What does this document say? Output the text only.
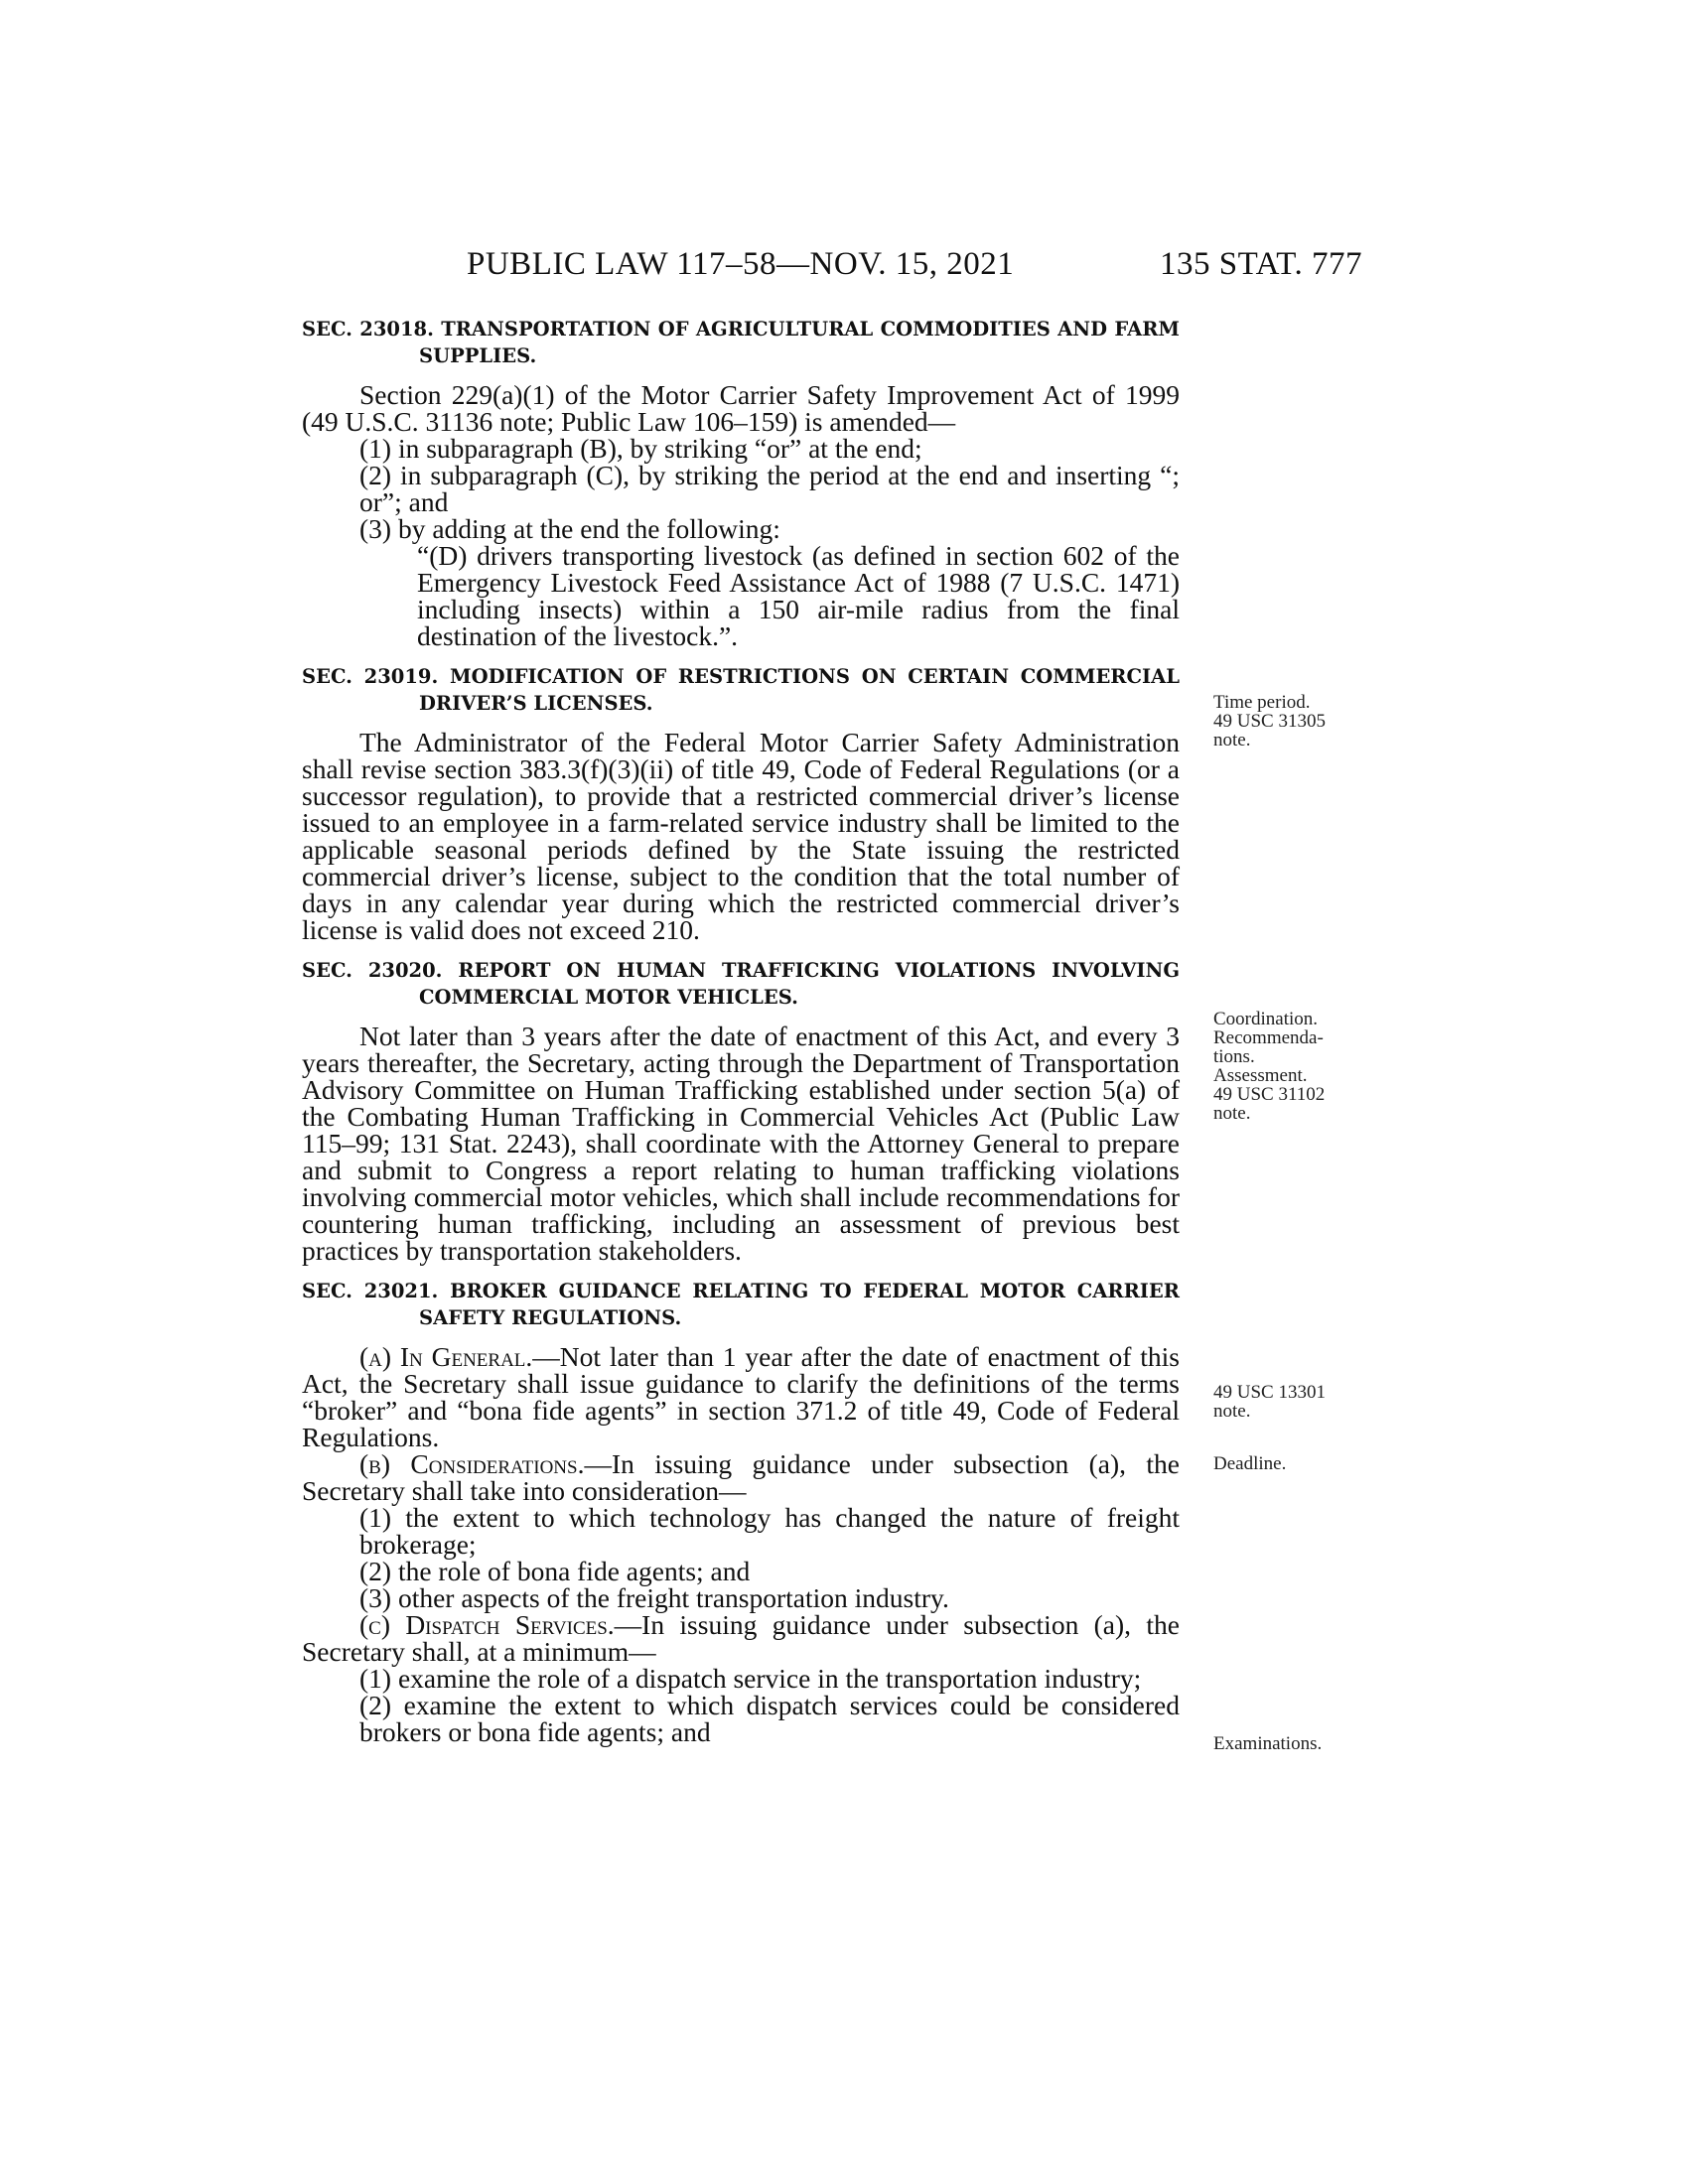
PUBLIC LAW 117–58—NOV. 15, 2021	135 STAT. 777
SEC. 23018. TRANSPORTATION OF AGRICULTURAL COMMODITIES AND FARM SUPPLIES.

Section 229(a)(1) of the Motor Carrier Safety Improvement Act of 1999 (49 U.S.C. 31136 note; Public Law 106–159) is amended—

(1) in subparagraph (B), by striking “or” at the end;

(2) in subparagraph (C), by striking the period at the end and inserting “; or”; and

(3) by adding at the end the following:

“(D) drivers transporting livestock (as defined in section 602 of the Emergency Livestock Feed Assistance Act of 1988 (7 U.S.C. 1471) including insects) within a 150 air-mile radius from the final destination of the livestock.”.

SEC. 23019. MODIFICATION OF RESTRICTIONS ON CERTAIN COMMERCIAL DRIVER’S LICENSES.

The Administrator of the Federal Motor Carrier Safety Administration shall revise section 383.3(f)(3)(ii) of title 49, Code of Federal Regulations (or a successor regulation), to provide that a restricted commercial driver’s license issued to an employee in a farm-related service industry shall be limited to the applicable seasonal periods defined by the State issuing the restricted commercial driver’s license, subject to the condition that the total number of days in any calendar year during which the restricted commercial driver’s license is valid does not exceed 210.

SEC. 23020. REPORT ON HUMAN TRAFFICKING VIOLATIONS INVOLVING COMMERCIAL MOTOR VEHICLES.

Not later than 3 years after the date of enactment of this Act, and every 3 years thereafter, the Secretary, acting through the Department of Transportation Advisory Committee on Human Trafficking established under section 5(a) of the Combating Human Trafficking in Commercial Vehicles Act (Public Law 115–99; 131 Stat. 2243), shall coordinate with the Attorney General to prepare and submit to Congress a report relating to human trafficking violations involving commercial motor vehicles, which shall include recommendations for countering human trafficking, including an assessment of previous best practices by transportation stakeholders.

SEC. 23021. BROKER GUIDANCE RELATING TO FEDERAL MOTOR CARRIER SAFETY REGULATIONS.

(a) In General.—Not later than 1 year after the date of enactment of this Act, the Secretary shall issue guidance to clarify the definitions of the terms “broker” and “bona fide agents” in section 371.2 of title 49, Code of Federal Regulations.

(b) Considerations.—In issuing guidance under subsection (a), the Secretary shall take into consideration—

(1) the extent to which technology has changed the nature of freight brokerage;

(2) the role of bona fide agents; and

(3) other aspects of the freight transportation industry.

(c) Dispatch Services.—In issuing guidance under subsection (a), the Secretary shall, at a minimum—

(1) examine the role of a dispatch service in the transportation industry;

(2) examine the extent to which dispatch services could be considered brokers or bona fide agents; and

Time period.
49 USC 31305
note.
Coordination.
Recommenda-
tions.
Assessment.
49 USC 31102
note.
49 USC 13301
note.
Deadline.
Examinations.
